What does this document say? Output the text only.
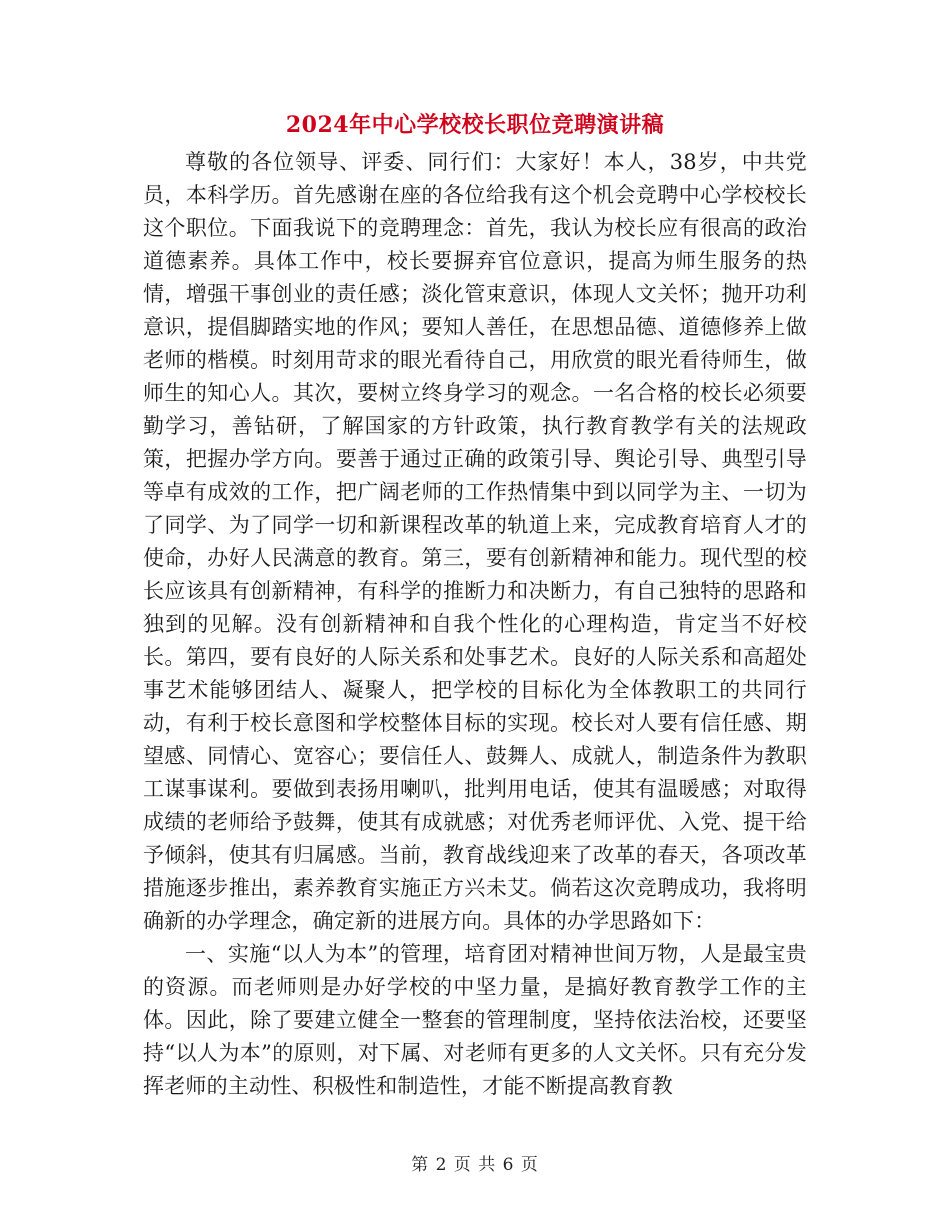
2024年中心学校校长职位竞聘演讲稿

尊敬的各位领导、评委、同行们：大家好！本人，38岁，中共党员，本科学历。首先感谢在座的各位给我有这个机会竞聘中心学校校长这个职位。下面我说下的竞聘理念：首先，我认为校长应有很高的政治道德素养。具体工作中，校长要摒弃官位意识，提高为师生服务的热情，增强干事创业的责任感；淡化管束意识，体现人文关怀；抛开功利意识，提倡脚踏实地的作风；要知人善任，在思想品德、道德修养上做老师的楷模。时刻用苛求的眼光看待自己，用欣赏的眼光看待师生，做师生的知心人。其次，要树立终身学习的观念。一名合格的校长必须要勤学习，善钻研，了解国家的方针政策，执行教育教学有关的法规政策，把握办学方向。要善于通过正确的政策引导、舆论引导、典型引导等卓有成效的工作，把广阔老师的工作热情集中到以同学为主、一切为了同学、为了同学一切和新课程改革的轨道上来，完成教育培育人才的使命，办好人民满意的教育。第三，要有创新精神和能力。现代型的校长应该具有创新精神，有科学的推断力和决断力，有自己独特的思路和独到的见解。没有创新精神和自我个性化的心理构造，肯定当不好校长。第四，要有良好的人际关系和处事艺术。良好的人际关系和高超处事艺术能够团结人、凝聚人，把学校的目标化为全体教职工的共同行动，有利于校长意图和学校整体目标的实现。校长对人要有信任感、期望感、同情心、宽容心；要信任人、鼓舞人、成就人，制造条件为教职工谋事谋利。要做到表扬用喇叭，批判用电话，使其有温暖感；对取得成绩的老师给予鼓舞，使其有成就感；对优秀老师评优、入党、提干给予倾斜，使其有归属感。当前，教育战线迎来了改革的春天，各项改革措施逐步推出，素养教育实施正方兴未艾。倘若这次竞聘成功，我将明确新的办学理念，确定新的进展方向。具体的办学思路如下：

一、实施“以人为本”的管理，培育团对精神世间万物，人是最宝贵的资源。而老师则是办好学校的中坚力量，是搞好教育教学工作的主体。因此，除了要建立健全一整套的管理制度，坚持依法治校，还要坚持“以人为本”的原则，对下属、对老师有更多的人文关怀。只有充分发挥老师的主动性、积极性和制造性，才能不断提高教育教

第 2 页 共 6 页
